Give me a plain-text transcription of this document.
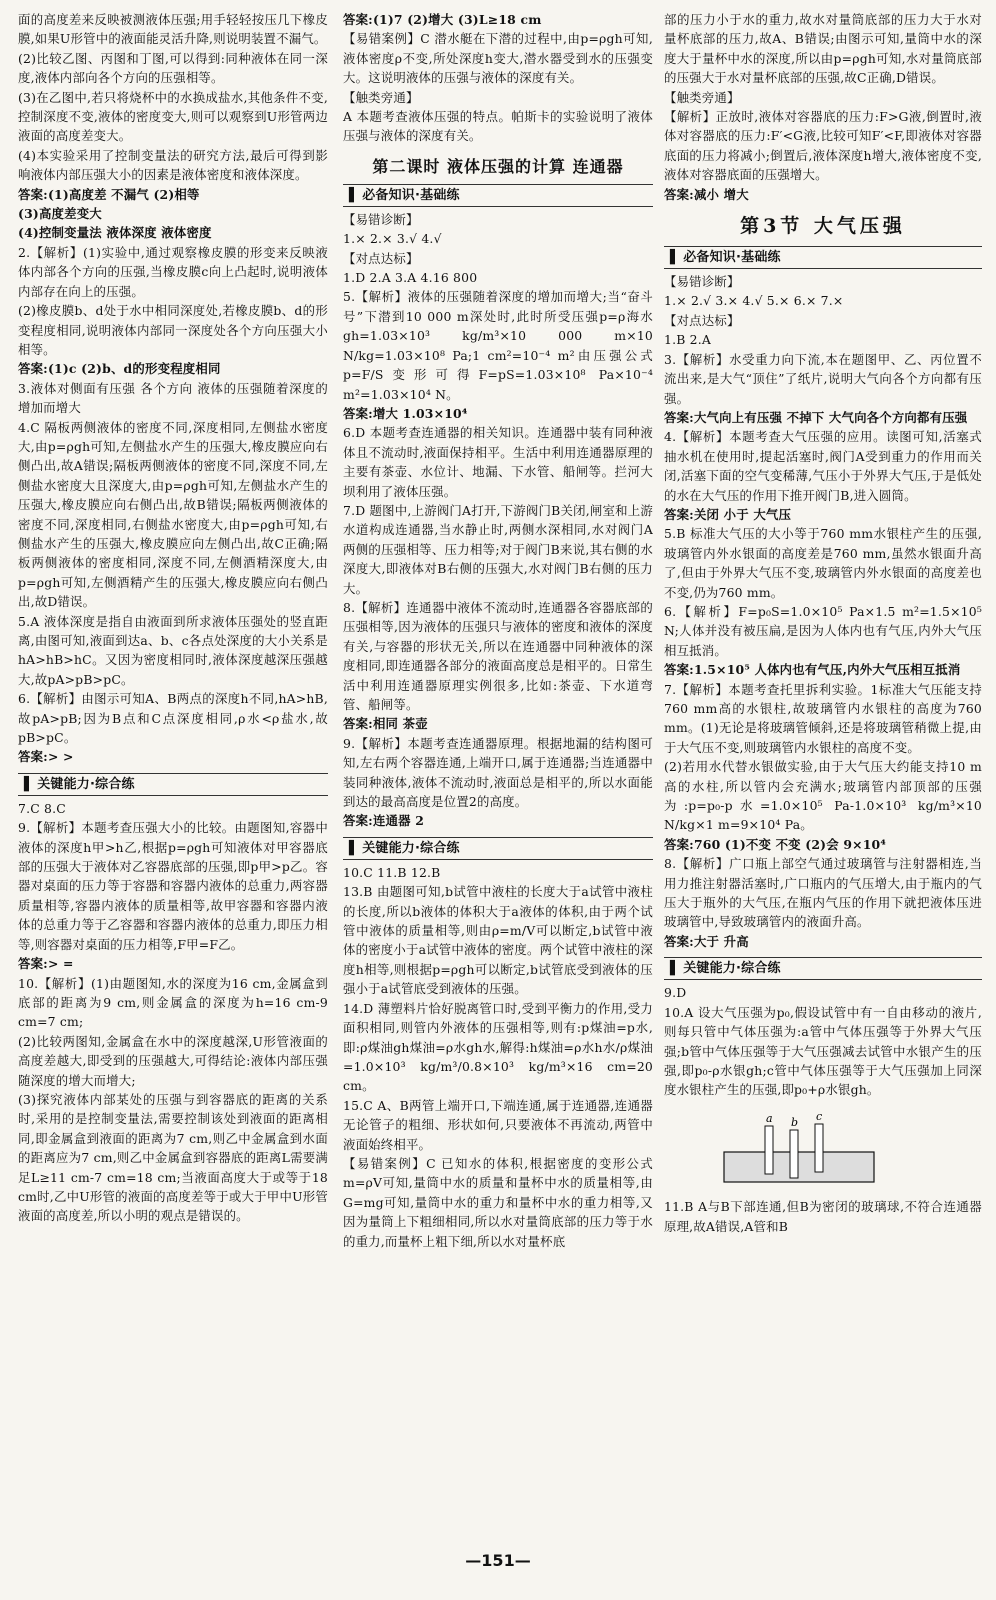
面的高度差来反映被测液体压强;用手轻轻按压几下橡皮膜,如果U形管中的液面能灵活升降,则说明装置不漏气。

(2)比较乙图、丙图和丁图,可以得到:同种液体在同一深度,液体内部向各个方向的压强相等。

(3)在乙图中,若只将烧杯中的水换成盐水,其他条件不变,控制深度不变,液体的密度变大,则可以观察到U形管两边液面的高度差变大。

(4)本实验采用了控制变量法的研究方法,最后可得到影响液体内部压强大小的因素是液体密度和液体深度。

答案:(1)高度差 不漏气 (2)相等

(3)高度差变大

(4)控制变量法 液体深度 液体密度

2.【解析】(1)实验中,通过观察橡皮膜的形变来反映液体内部各个方向的压强,当橡皮膜c向上凸起时,说明液体内部存在向上的压强。

(2)橡皮膜b、d处于水中相同深度处,若橡皮膜b、d的形变程度相同,说明液体内部同一深度处各个方向压强大小相等。

答案:(1)c (2)b、d的形变程度相同

3.液体对侧面有压强 各个方向 液体的压强随着深度的增加而增大

4.C 隔板两侧液体的密度不同,深度相同,左侧盐水密度大,由p=ρgh可知,左侧盐水产生的压强大,橡皮膜应向右侧凸出,故A错误;隔板两侧液体的密度不同,深度不同,左侧盐水密度大且深度大,由p=ρgh可知,左侧盐水产生的压强大,橡皮膜应向右侧凸出,故B错误;隔板两侧液体的密度不同,深度相同,右侧盐水密度大,由p=ρgh可知,右侧盐水产生的压强大,橡皮膜应向左侧凸出,故C正确;隔板两侧液体的密度相同,深度不同,左侧酒精深度大,由p=ρgh可知,左侧酒精产生的压强大,橡皮膜应向右侧凸出,故D错误。

5.A 液体深度是指自由液面到所求液体压强处的竖直距离,由图可知,液面到达a、b、c各点处深度的大小关系是hA>hB>hC。又因为密度相同时,液体深度越深压强越大,故pA>pB>pC。

6.【解析】由图示可知A、B两点的深度h不同,hA>hB,故pA>pB;因为B点和C点深度相同,ρ水<ρ盐水,故pB>pC。

答案:> >

▌ 关键能力·综合练

7.C 8.C

9.【解析】本题考查压强大小的比较。由题图知,容器中液体的深度h甲>h乙,根据p=ρgh可知液体对甲容器底部的压强大于液体对乙容器底部的压强,即p甲>p乙。容器对桌面的压力等于容器和容器内液体的总重力,两容器质量相等,容器内液体的质量相等,故甲容器和容器内液体的总重力等于乙容器和容器内液体的总重力,即压力相等,则容器对桌面的压力相等,F甲=F乙。

答案:> =

10.【解析】(1)由题图知,水的深度为16 cm,金属盒到底部的距离为9 cm,则金属盒的深度为h=16 cm-9 cm=7 cm;

(2)比较两图知,金属盒在水中的深度越深,U形管液面的高度差越大,即受到的压强越大,可得结论:液体内部压强随深度的增大而增大;

(3)探究液体内部某处的压强与到容器底的距离的关系时,采用的是控制变量法,需要控制该处到液面的距离相同,即金属盒到液面的距离为7 cm,则乙中金属盒到水面的距离应为7 cm,则乙中金属盒到容器底的距离L需要满足L≥11 cm-7 cm=18 cm;当液面高度大于或等于18 cm时,乙中U形管的液面的高度差等于或大于甲中U形管液面的高度差,所以小明的观点是错误的。

答案:(1)7 (2)增大 (3)L≥18 cm

【易错案例】C 潜水艇在下潜的过程中,由p=ρgh可知,液体密度ρ不变,所处深度h变大,潜水器受到水的压强变大。这说明液体的压强与液体的深度有关。

【触类旁通】

A 本题考查液体压强的特点。帕斯卡的实验说明了液体压强与液体的深度有关。

第二课时 液体压强的计算 连通器
▌ 必备知识·基础练

【易错诊断】

1.× 2.× 3.√ 4.√

【对点达标】

1.D 2.A 3.A 4.16 800

5.【解析】液体的压强随着深度的增加而增大;当“奋斗号”下潜到10 000 m深处时,此时所受压强p=ρ海水gh=1.03×10³ kg/m³×10 000 m×10 N/kg=1.03×10⁸ Pa;1 cm²=10⁻⁴ m²由压强公式p=F/S变形可得F=pS=1.03×10⁸ Pa×10⁻⁴ m²=1.03×10⁴ N。

答案:增大 1.03×10⁴

6.D 本题考查连通器的相关知识。连通器中装有同种液体且不流动时,液面保持相平。生活中利用连通器原理的主要有茶壶、水位计、地漏、下水管、船闸等。拦河大坝利用了液体压强。

7.D 题图中,上游阀门A打开,下游阀门B关闭,闸室和上游水道构成连通器,当水静止时,两侧水深相同,水对阀门A两侧的压强相等、压力相等;对于阀门B来说,其右侧的水深度大,即液体对B右侧的压强大,水对阀门B右侧的压力大。

8.【解析】连通器中液体不流动时,连通器各容器底部的压强相等,因为液体的压强只与液体的密度和液体的深度有关,与容器的形状无关,所以在连通器中同种液体的深度相同,即连通器各部分的液面高度总是相平的。日常生活中利用连通器原理实例很多,比如:茶壶、下水道弯管、船闸等。

答案:相同 茶壶

9.【解析】本题考查连通器原理。根据地漏的结构图可知,左右两个容器连通,上端开口,属于连通器;当连通器中装同种液体,液体不流动时,液面总是相平的,所以水面能到达的最高高度是位置2的高度。

答案:连通器 2

▌ 关键能力·综合练

10.C 11.B 12.B

13.B 由题图可知,b试管中液柱的长度大于a试管中液柱的长度,所以b液体的体积大于a液体的体积,由于两个试管中液体的质量相等,则由ρ=m/V可以断定,b试管中液体的密度小于a试管中液体的密度。两个试管中液柱的深度h相等,则根据p=ρgh可以断定,b试管底受到液体的压强小于a试管底受到液体的压强。

14.D 薄塑料片恰好脱离管口时,受到平衡力的作用,受力面积相同,则管内外液体的压强相等,则有:p煤油=p水,即:ρ煤油gh煤油=ρ水gh水,解得:h煤油=ρ水h水/ρ煤油=1.0×10³ kg/m³/0.8×10³ kg/m³×16 cm=20 cm。

15.C A、B两管上端开口,下端连通,属于连通器,连通器无论管子的粗细、形状如何,只要液体不再流动,两管中液面始终相平。

【易错案例】C 已知水的体积,根据密度的变形公式m=ρV可知,量筒中水的质量和量杯中水的质量相等,由G=mg可知,量筒中水的重力和量杯中水的重力相等,又因为量筒上下粗细相同,所以水对量筒底部的压力等于水的重力,而量杯上粗下细,所以水对量杯底

部的压力小于水的重力,故水对量筒底部的压力大于水对量杯底部的压力,故A、B错误;由图示可知,量筒中水的深度大于量杯中水的深度,所以由p=ρgh可知,水对量筒底部的压强大于水对量杯底部的压强,故C正确,D错误。

【触类旁通】

【解析】正放时,液体对容器底的压力:F>G液,倒置时,液体对容器底的压力:F′<G液,比较可知F′<F,即液体对容器底面的压力将减小;倒置后,液体深度h增大,液体密度不变,液体对容器底面的压强增大。

答案:减小 增大

第3节 大气压强
▌ 必备知识·基础练

【易错诊断】

1.× 2.√ 3.× 4.√ 5.× 6.× 7.×

【对点达标】

1.B 2.A

3.【解析】水受重力向下流,本在题图甲、乙、丙位置不流出来,是大气“顶住”了纸片,说明大气向各个方向都有压强。

答案:大气向上有压强 不掉下 大气向各个方向都有压强

4.【解析】本题考查大气压强的应用。读图可知,活塞式抽水机在使用时,提起活塞时,阀门A受到重力的作用而关闭,活塞下面的空气变稀薄,气压小于外界大气压,于是低处的水在大气压的作用下推开阀门B,进入圆筒。

答案:关闭 小于 大气压

5.B 标准大气压的大小等于760 mm水银柱产生的压强,玻璃管内外水银面的高度差是760 mm,虽然水银面升高了,但由于外界大气压不变,玻璃管内外水银面的高度差也不变,仍为760 mm。

6.【解析】F=p₀S=1.0×10⁵ Pa×1.5 m²=1.5×10⁵ N;人体并没有被压扁,是因为人体内也有气压,内外大气压相互抵消。

答案:1.5×10⁵ 人体内也有气压,内外大气压相互抵消

7.【解析】本题考查托里拆利实验。1标准大气压能支持760 mm高的水银柱,故玻璃管内水银柱的高度为760 mm。(1)无论是将玻璃管倾斜,还是将玻璃管稍微上提,由于大气压不变,则玻璃管内水银柱的高度不变。

(2)若用水代替水银做实验,由于大气压大约能支持10 m高的水柱,所以管内会充满水;玻璃管内部顶部的压强为:p=p₀-p水=1.0×10⁵ Pa-1.0×10³ kg/m³×10 N/kg×1 m=9×10⁴ Pa。

答案:760 (1)不变 不变 (2)会 9×10⁴

8.【解析】广口瓶上部空气通过玻璃管与注射器相连,当用力推注射器活塞时,广口瓶内的气压增大,由于瓶内的气压大于瓶外的大气压,在瓶内气压的作用下就把液体压进玻璃管中,导致玻璃管内的液面升高。

答案:大于 升高

▌ 关键能力·综合练

9.D

10.A 设大气压强为p₀,假设试管中有一自由移动的液片,则每只管中气体压强为:a管中气体压强等于外界大气压强;b管中气体压强等于大气压强减去试管中水银产生的压强,即p₀-ρ水银gh;c管中气体压强等于大气压强加上同深度水银柱产生的压强,即p₀+ρ水银gh。

a b c

11.B A与B下部连通,但B为密闭的玻璃球,不符合连通器原理,故A错误,A管和B

—151—
